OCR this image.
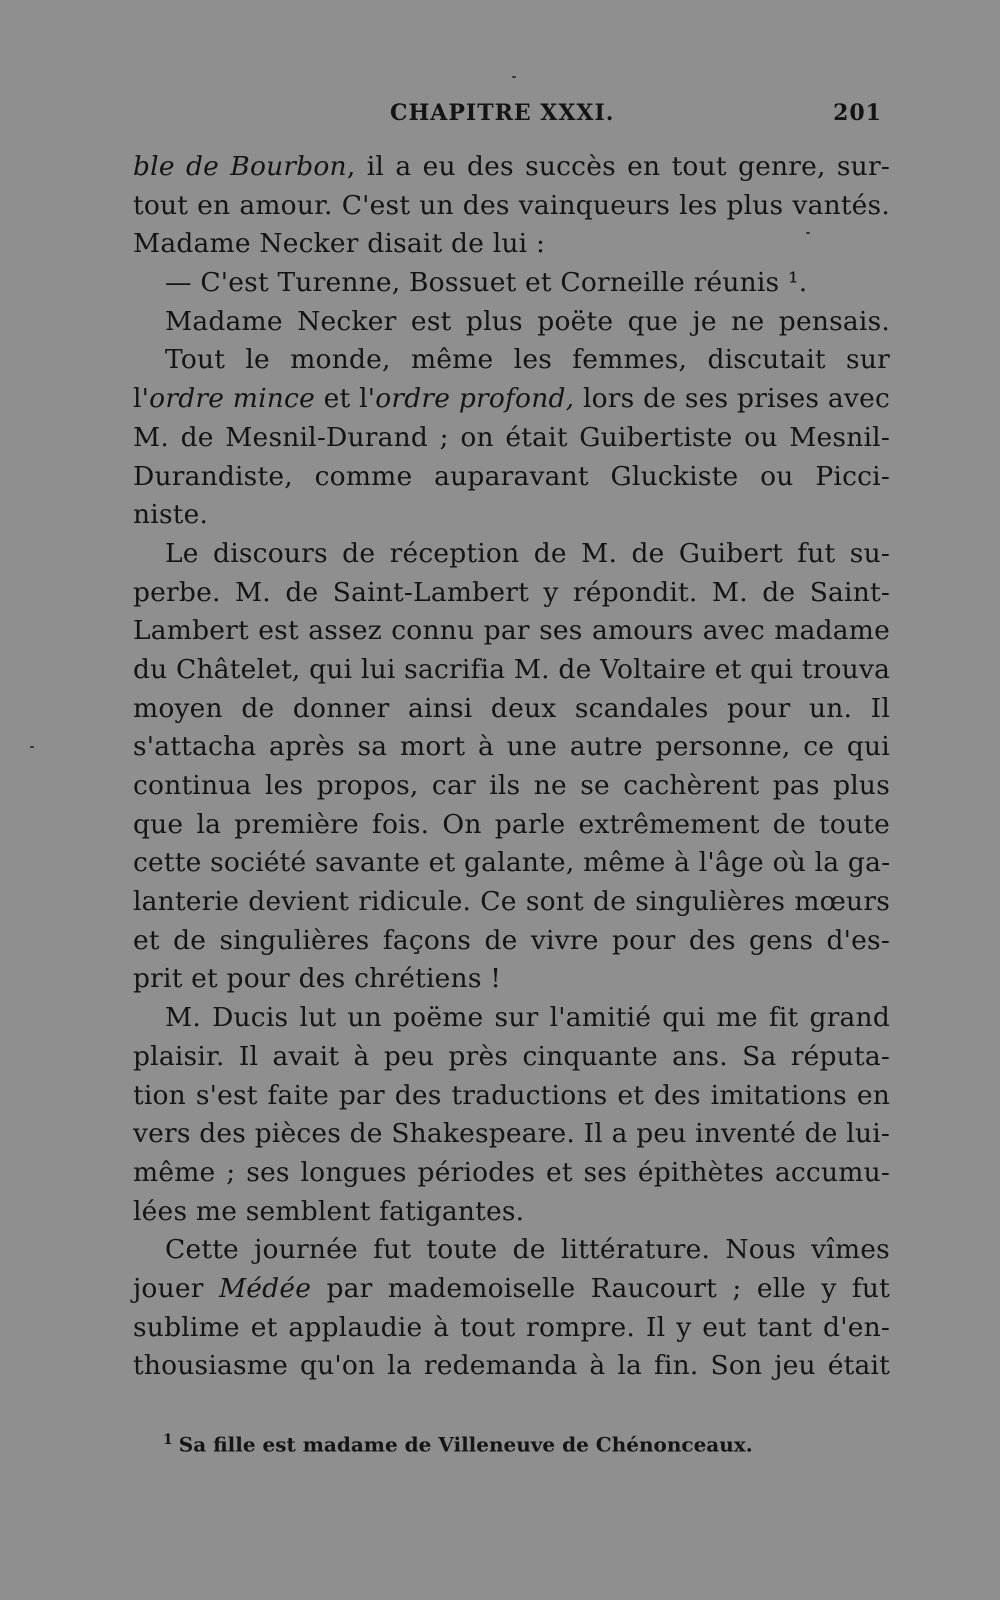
CHAPITRE XXXI.	201
ble de Bourbon, il a eu des succès en tout genre, sur-
tout en amour. C'est un des vainqueurs les plus vantés.
Madame Necker disait de lui :
— C'est Turenne, Bossuet et Corneille réunis ¹.
Madame Necker est plus poëte que je ne pensais.
Tout le monde, même les femmes, discutait sur
l'ordre mince et l'ordre profond, lors de ses prises avec
M. de Mesnil-Durand ; on était Guibertiste ou Mesnil-
Durandiste, comme auparavant Gluckiste ou Picci-
niste.
Le discours de réception de M. de Guibert fut su-
perbe. M. de Saint-Lambert y répondit. M. de Saint-
Lambert est assez connu par ses amours avec madame
du Châtelet, qui lui sacrifia M. de Voltaire et qui trouva
moyen de donner ainsi deux scandales pour un. Il
s'attacha après sa mort à une autre personne, ce qui
continua les propos, car ils ne se cachèrent pas plus
que la première fois. On parle extrêmement de toute
cette société savante et galante, même à l'âge où la ga-
lanterie devient ridicule. Ce sont de singulières mœurs
et de singulières façons de vivre pour des gens d'es-
prit et pour des chrétiens !
M. Ducis lut un poëme sur l'amitié qui me fit grand
plaisir. Il avait à peu près cinquante ans. Sa réputa-
tion s'est faite par des traductions et des imitations en
vers des pièces de Shakespeare. Il a peu inventé de lui-
même ; ses longues périodes et ses épithètes accumu-
lées me semblent fatigantes.
Cette journée fut toute de littérature. Nous vîmes
jouer Médée par mademoiselle Raucourt ; elle y fut
sublime et applaudie à tout rompre. Il y eut tant d'en-
thousiasme qu'on la redemanda à la fin. Son jeu était
$^1$ Sa fille est madame de Villeneuve de Chénonceaux.
